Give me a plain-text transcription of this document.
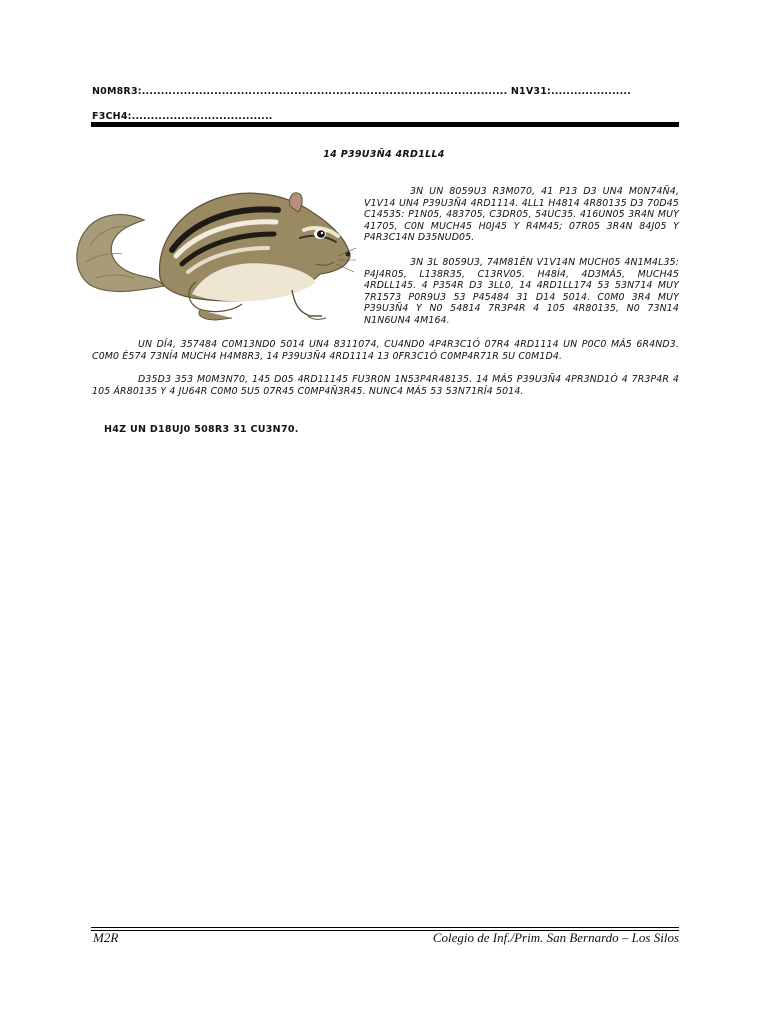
N0M8R3:................................................................................................ N1V31:.....................
F3CH4:.....................................
14 P39U3Ñ4 4RD1LL4
3N UN 8059U3 R3M070, 41 P13 D3 UN4 M0N74Ñ4, V1V14 UN4 P39U3Ñ4 4RD1114. 4LL1 H4814 4R80135 D3 70D45 C14535: P1N05, 483705, C3DR05, 54UC35. 416UN05 3R4N MUY 41705, C0N MUCH45 H0J45 Y R4M45; 07R05 3R4N 84J05 Y P4R3C14N D35NUD05.
3N 3L 8059U3, 74M81ÉN V1V14N MUCH05 4N1M4L35: P4J4R05, L138R35, C13RV05. H48Í4, 4D3MÁ5, MUCH45 4RDLL145. 4 P354R D3 3LL0, 14 4RD1LL174 53 53N714 MUY 7R1573 P0R9U3 53 P45484 31 D14 5014. C0M0 3R4 MUY P39U3Ñ4 Y N0 54814 7R3P4R 4 105 4R80135, N0 73N14 N1N6UN4 4M164.
UN DÍ4, 357484 C0M13ND0 5014 UN4 8311074, CU4ND0 4P4R3C1Ó 07R4 4RD1114 UN P0C0 MÁ5 6R4ND3. C0M0 É574 73NÍ4 MUCH4 H4M8R3, 14 P39U3Ñ4 4RD1114 13 0FR3C1Ó C0MP4R71R 5U C0M1D4.
D35D3 353 M0M3N70, 145 D05 4RD11145 FU3R0N 1N53P4R48135. 14 MÁ5 P39U3Ñ4 4PR3ND1Ó 4 7R3P4R 4 105 ÁR80135 Y 4 JU64R C0M0 5U5 07R45 C0MP4Ñ3R45. NUNC4 MÁ5 53 53N71RÍ4 5014.
H4Z UN D18UJ0 508R3 31 CU3N70.
M2R	Colegio de Inf./Prim. San Bernardo – Los Silos
